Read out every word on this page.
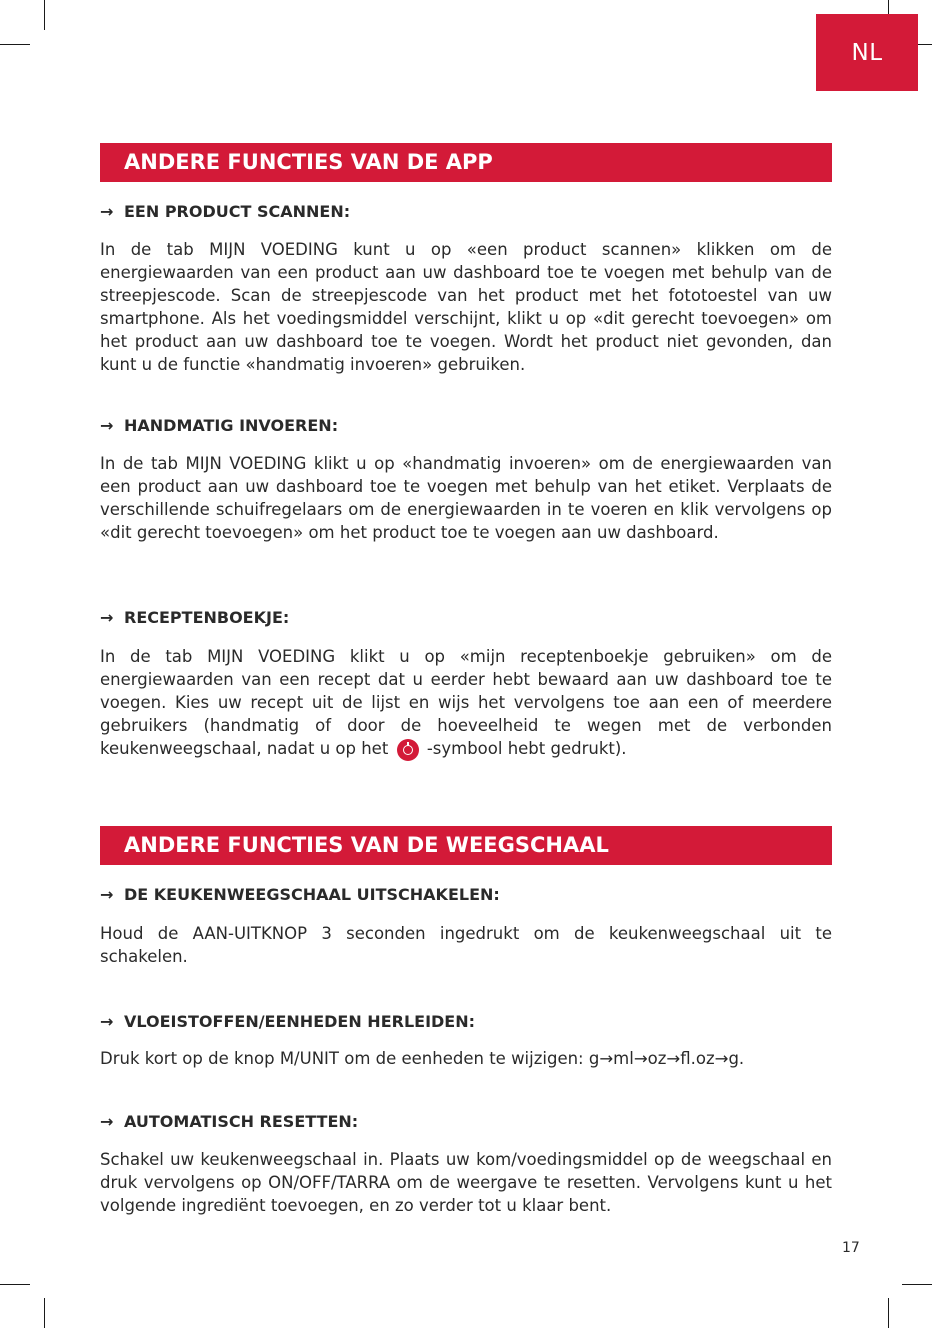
NL
ANDERE FUNCTIES VAN DE APP
→ EEN PRODUCT SCANNEN:
In de tab MIJN VOEDING kunt u op «een product scannen» klikken om de energiewaarden van een product aan uw dashboard toe te voegen met behulp van de streepjescode. Scan de streepjescode van het product met het fototoestel van uw smartphone. Als het voedingsmiddel verschijnt, klikt u op «dit gerecht toevoegen» om het product aan uw dashboard toe te voegen. Wordt het product niet gevonden, dan kunt u de functie «handmatig invoeren» gebruiken.
→ HANDMATIG INVOEREN:
In de tab MIJN VOEDING klikt u op «handmatig invoeren» om de energiewaarden van een product aan uw dashboard toe te voegen met behulp van het etiket. Verplaats de verschillende schuifregelaars om de energiewaarden in te voeren en klik vervolgens op «dit gerecht toevoegen» om het product toe te voegen aan uw dashboard.
→ RECEPTENBOEKJE:
In de tab MIJN VOEDING klikt u op «mijn receptenboekje gebruiken» om de energiewaarden van een recept dat u eerder hebt bewaard aan uw dashboard toe te voegen. Kies uw recept uit de lijst en wijs het vervolgens toe aan een of meerdere gebruikers (handmatig of door de hoeveelheid te wegen met de verbonden keukenweegschaal, nadat u op het -symbool hebt gedrukt).
ANDERE FUNCTIES VAN DE WEEGSCHAAL
→ DE KEUKENWEEGSCHAAL UITSCHAKELEN:
Houd de AAN-UITKNOP 3 seconden ingedrukt om de keukenweegschaal uit te schakelen.
→ VLOEISTOFFEN/EENHEDEN HERLEIDEN:
Druk kort op de knop M/UNIT om de eenheden te wijzigen: g→ml→oz→fl.oz→g.
→ AUTOMATISCH RESETTEN:
Schakel uw keukenweegschaal in. Plaats uw kom/voedingsmiddel op de weegschaal en druk vervolgens op ON/OFF/TARRA om de weergave te resetten. Vervolgens kunt u het volgende ingrediënt toevoegen, en zo verder tot u klaar bent.
17
